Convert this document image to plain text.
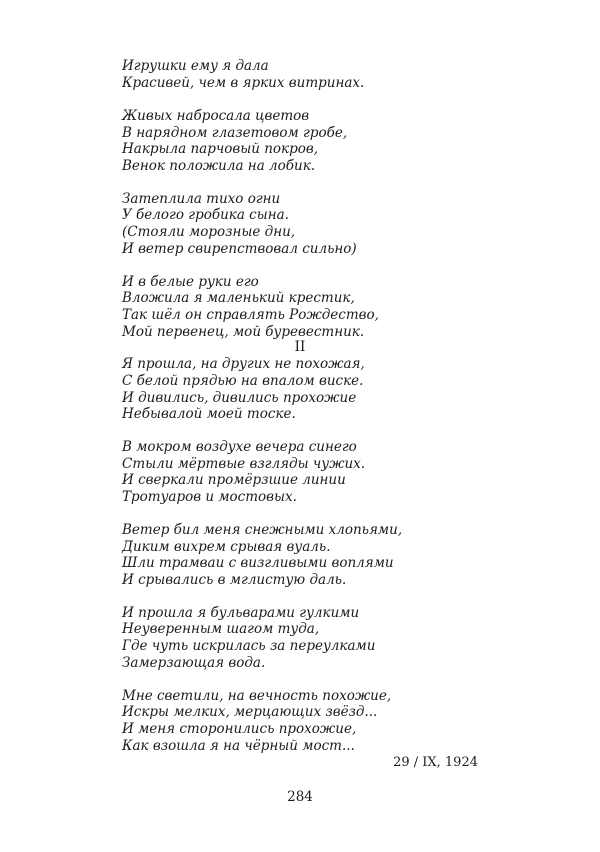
Игрушки ему я дала
Красивей, чем в ярких витринах.
Живых набросала цветов
В нарядном глазетовом гробе,
Накрыла парчовый покров,
Венок положила на лобик.
Затеплила тихо огни
У белого гробика сына.
(Стояли морозные дни,
И ветер свирепствовал сильно)
И в белые руки его
Вложила я маленький крестик,
Так шёл он справлять Рождество,
Мой первенец, мой буревестник.
II
Я прошла, на других не похожая,
С белой прядью на впалом виске.
И дивились, дивились прохожие
Небывалой моей тоске.
В мокром воздухе вечера синего
Стыли мёртвые взгляды чужих.
И сверкали промёрзшие линии
Тротуаров и мостовых.
Ветер бил меня снежными хлопьями,
Диким вихрем срывая вуаль.
Шли трамваи с визгливыми воплями
И срывались в мглистую даль.
И прошла я бульварами гулкими
Неуверенным шагом туда,
Где чуть искрилась за переулками
Замерзающая вода.
Мне светили, на вечность похожие,
Искры мелких, мерцающих звёзд...
И меня сторонились прохожие,
Как взошла я на чёрный мост...
29 / IX, 1924
284
